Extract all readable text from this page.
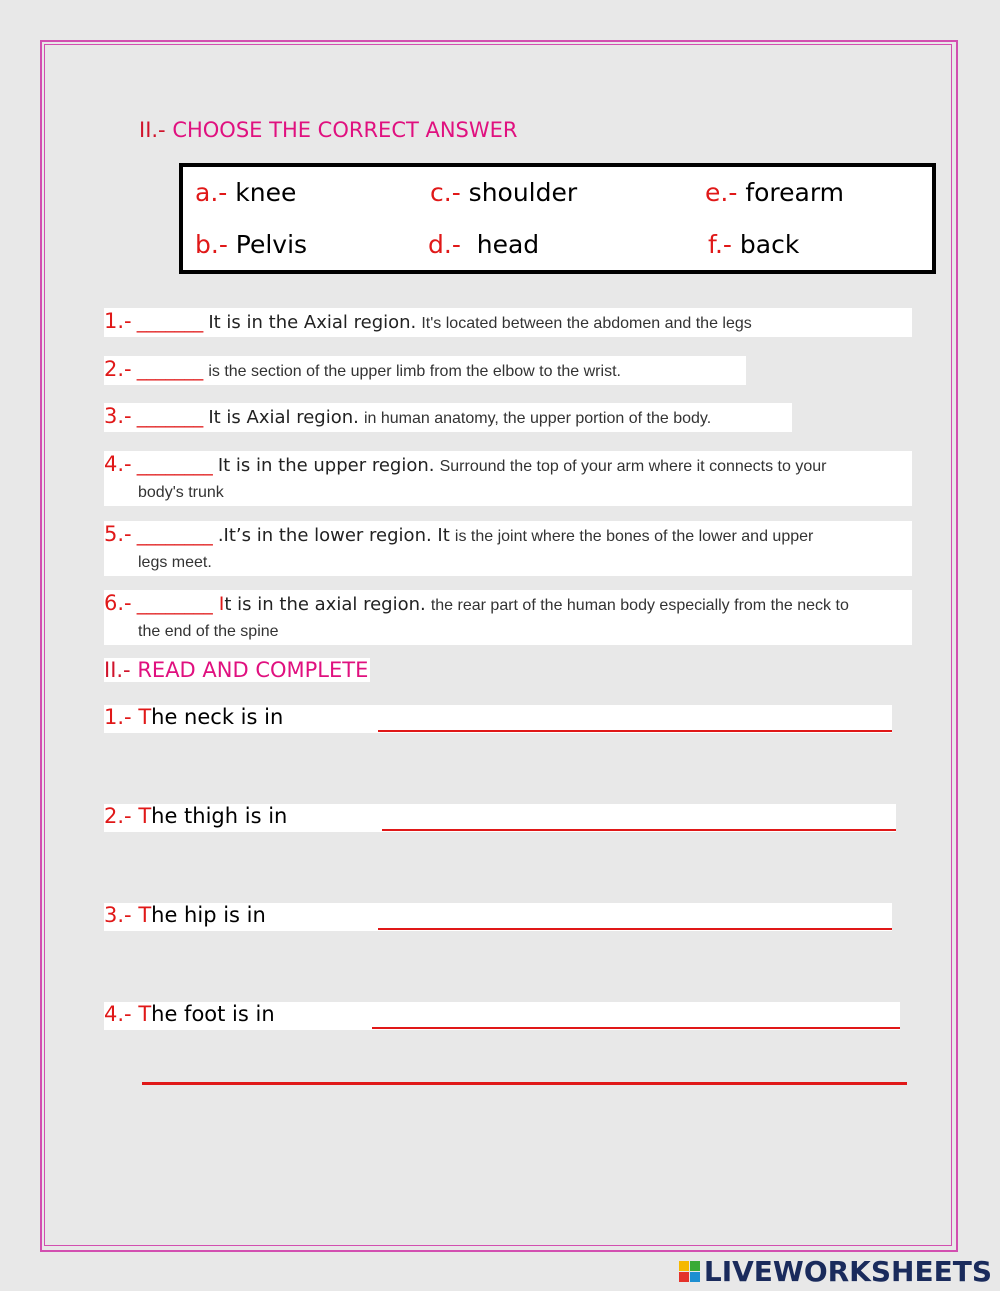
II.- CHOOSE THE CORRECT ANSWER
a.- knee
b.- Pelvis
c.- shoulder
d.-  head
e.- forearm
f.- back
1.- _______ It is in the Axial region. It's located between the abdomen and the legs
2.- _______ is the section of the upper limb from the elbow to the wrist.
3.- _______ It is Axial region. in human anatomy, the upper portion of the body.
4.- ________ It is in the upper region. Surround the top of your arm where it connects to your
body's trunk
5.- ________ .It’s in the lower region. It is the joint where the bones of the lower and upper
legs meet.
6.- ________ It is in the axial region. the rear part of the human body especially from the neck to
the end of the spine
II.- READ AND COMPLETE
1.- The neck is in
2.- The thigh is in
3.- The hip is in
4.- The foot is in
LIVEWORKSHEETS
